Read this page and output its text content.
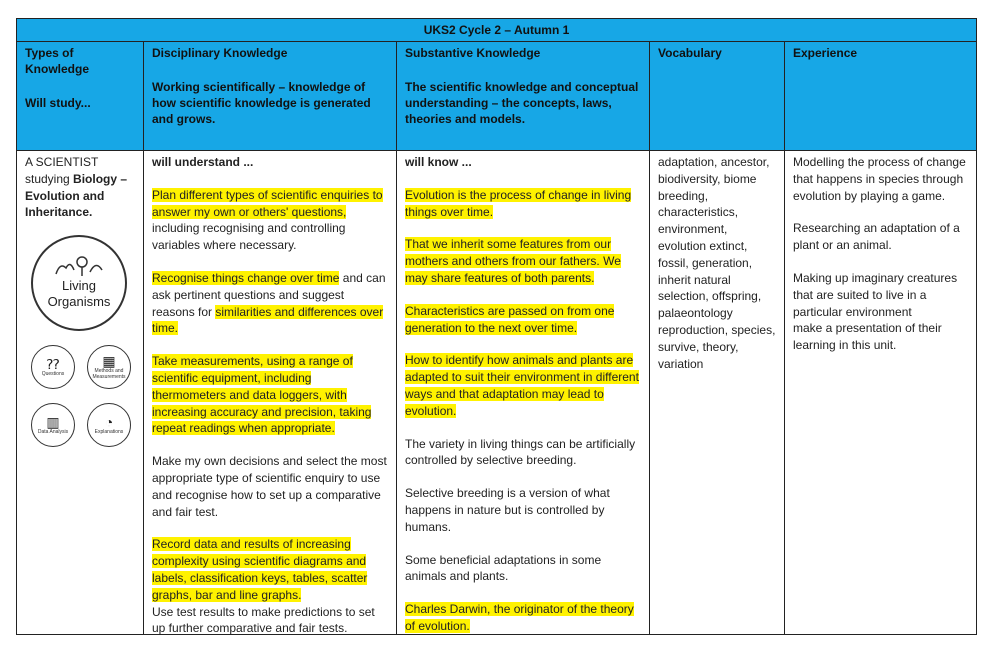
UKS2 Cycle 2 – Autumn 1

Types of Knowledge

Will study...

Disciplinary Knowledge

Working scientifically – knowledge of how scientific knowledge is generated and grows.

Substantive Knowledge

The scientific knowledge and conceptual understanding – the concepts, laws, theories and models.

Vocabulary	Experience

A SCIENTIST studying Biology – Evolution and Inheritance.
Living Organisms
⁇
Questions
▦
Methods and Measurements
▥
Data Analysis
◔
Explanations

will understand ...

Plan different types of scientific enquiries to answer my own or others' questions, including recognising and controlling variables where necessary.

Recognise things change over time and can ask pertinent questions and suggest reasons for similarities and differences over time.

Take measurements, using a range of scientific equipment, including thermometers and data loggers, with increasing accuracy and precision, taking repeat readings when appropriate.

Make my own decisions and select the most appropriate type of scientific enquiry to use and recognise how to set up a comparative and fair test.

Record data and results of increasing complexity using scientific diagrams and labels, classification keys, tables, scatter graphs, bar and line graphs.

Use test results to make predictions to set up further comparative and fair tests.

will know ...

Evolution is the process of change in living things over time.

That we inherit some features from our mothers and others from our fathers. We may share features of both parents.

Characteristics are passed on from one generation to the next over time.

How to identify how animals and plants are adapted to suit their environment in different ways and that adaptation may lead to evolution.

The variety in living things can be artificially controlled by selective breeding.

Selective breeding is a version of what happens in nature but is controlled by humans.

Some beneficial adaptations in some animals and plants.

Charles Darwin, the originator of the theory of evolution.

adaptation, ancestor, biodiversity, biome breeding, characteristics, environment, evolution extinct, fossil, generation, inherit natural selection, offspring, palaeontology reproduction, species, survive, theory, variation

Modelling the process of change that happens in species through evolution by playing a game.

Researching an adaptation of a plant or an animal.

Making up imaginary creatures that are suited to live in a particular environment

make a presentation of their learning in this unit.
